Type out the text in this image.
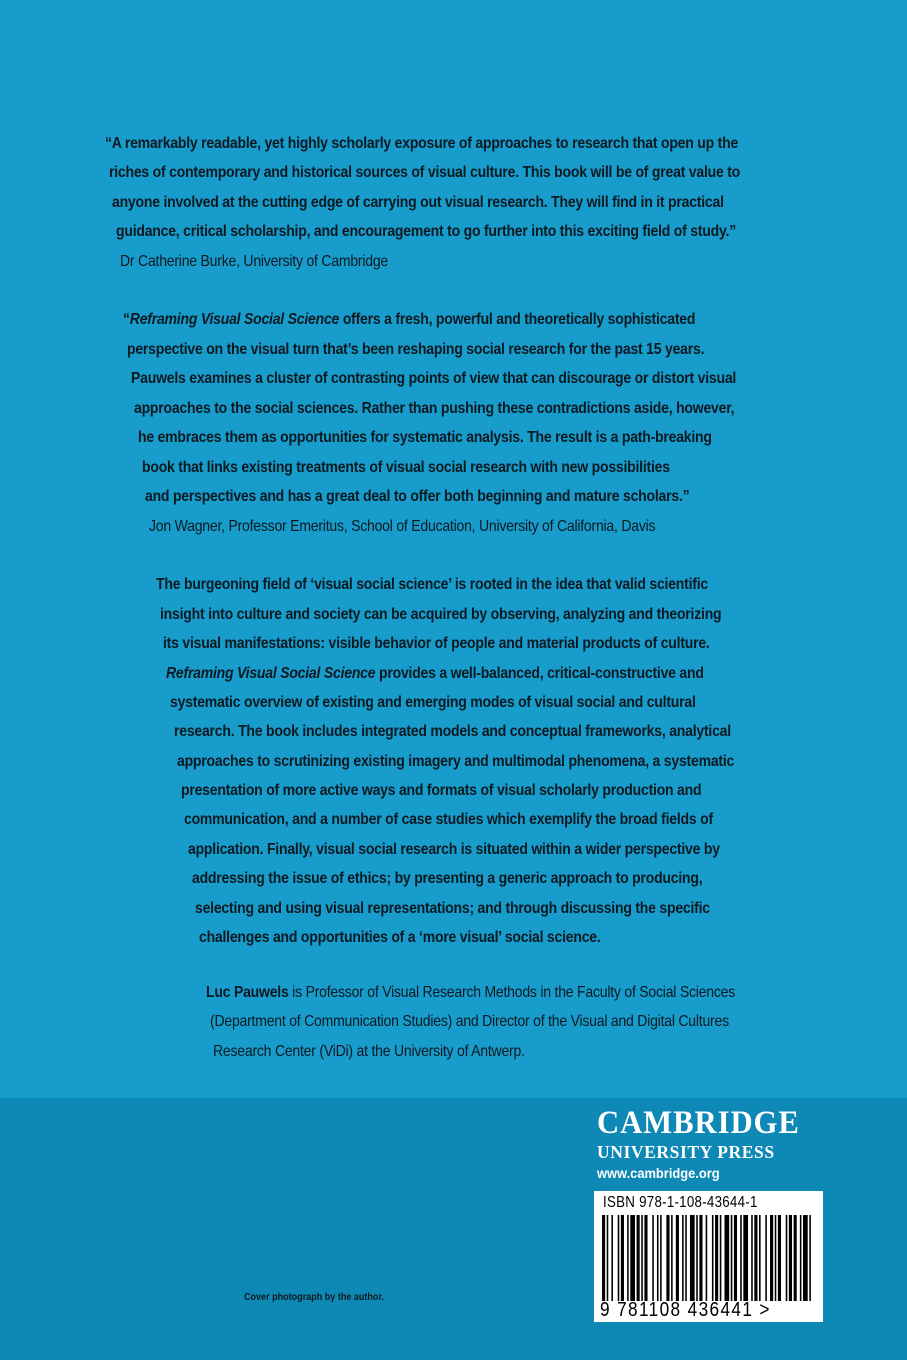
“A remarkably readable, yet highly scholarly exposure of approaches to research that open up the
riches of contemporary and historical sources of visual culture. This book will be of great value to
anyone involved at the cutting edge of carrying out visual research. They will find in it practical
guidance, critical scholarship, and encouragement to go further into this exciting field of study.”
Dr Catherine Burke, University of Cambridge
“Reframing Visual Social Science offers a fresh, powerful and theoretically sophisticated
perspective on the visual turn that’s been reshaping social research for the past 15 years.
Pauwels examines a cluster of contrasting points of view that can discourage or distort visual
approaches to the social sciences. Rather than pushing these contradictions aside, however,
he embraces them as opportunities for systematic analysis. The result is a path-breaking
book that links existing treatments of visual social research with new possibilities
and perspectives and has a great deal to offer both beginning and mature scholars.”
Jon Wagner, Professor Emeritus, School of Education, University of California, Davis
The burgeoning field of ‘visual social science’ is rooted in the idea that valid scientific
insight into culture and society can be acquired by observing, analyzing and theorizing
its visual manifestations: visible behavior of people and material products of culture.
Reframing Visual Social Science provides a well-balanced, critical-constructive and
systematic overview of existing and emerging modes of visual social and cultural
research. The book includes integrated models and conceptual frameworks, analytical
approaches to scrutinizing existing imagery and multimodal phenomena, a systematic
presentation of more active ways and formats of visual scholarly production and
communication, and a number of case studies which exemplify the broad fields of
application. Finally, visual social research is situated within a wider perspective by
addressing the issue of ethics; by presenting a generic approach to producing,
selecting and using visual representations; and through discussing the specific
challenges and opportunities of a ‘more visual’ social science.
Luc Pauwels is Professor of Visual Research Methods in the Faculty of Social Sciences
(Department of Communication Studies) and Director of the Visual and Digital Cultures
Research Center (ViDi) at the University of Antwerp.
CAMBRIDGE
UNIVERSITY PRESS
www.cambridge.org
ISBN 978-1-108-43644-1
9 781108 436441 >
Cover photograph by the author.
